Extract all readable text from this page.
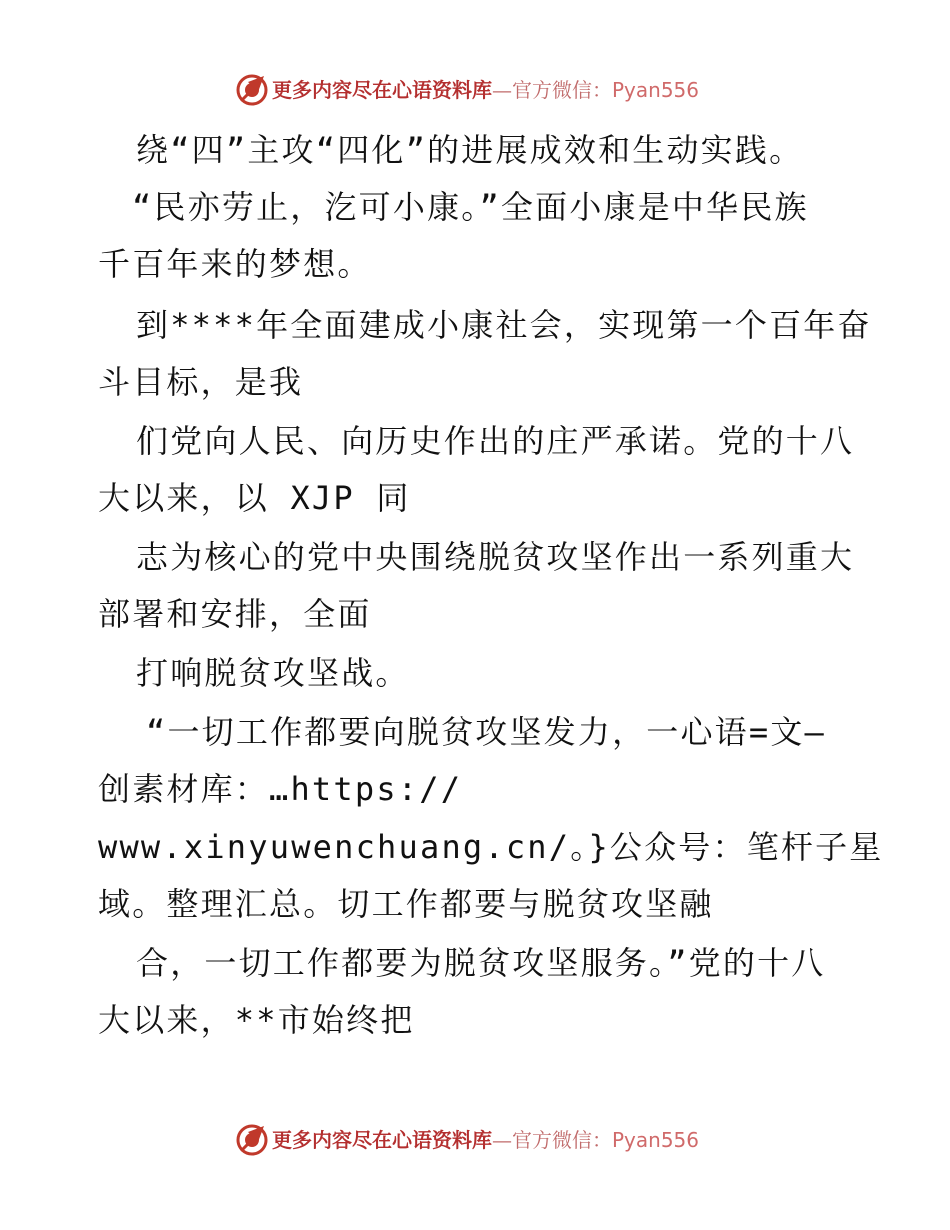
更多内容尽在心语资料库—官方微信：Pyan556
绕“四”主攻“四化”的进展成效和生动实践。
“民亦劳止，汔可小康。”全面小康是中华民族
千百年来的梦想。
到****年全面建成小康社会，实现第一个百年奋
斗目标，是我
们党向人民、向历史作出的庄严承诺。党的十八
大以来，以 XJP 同
志为核心的党中央围绕脱贫攻坚作出一系列重大
部署和安排，全面
打响脱贫攻坚战。
“一切工作都要向脱贫攻坚发力，一心语=文—
创素材库：…https://
www.xinyuwenchuang.cn/。}公众号：笔杆子星
域。整理汇总。切工作都要与脱贫攻坚融
合，一切工作都要为脱贫攻坚服务。”党的十八
大以来，**市始终把
更多内容尽在心语资料库—官方微信：Pyan556
